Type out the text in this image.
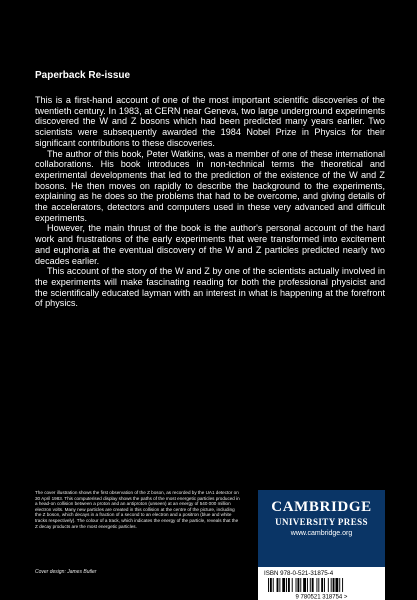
Paperback Re-issue

This is a first-hand account of one of the most important scientific discoveries of the twentieth century. In 1983, at CERN near Geneva, two large underground experiments discovered the W and Z bosons which had been predicted many years earlier. Two scientists were subsequently awarded the 1984 Nobel Prize in Physics for their significant contributions to these discoveries.

The author of this book, Peter Watkins, was a member of one of these international collaborations. His book introduces in non-technical terms the theoretical and experimental developments that led to the prediction of the existence of the W and Z bosons. He then moves on rapidly to describe the background to the experiments, explaining as he does so the problems that had to be overcome, and giving details of the accelerators, detectors and computers used in these very advanced and difficult experiments.

However, the main thrust of the book is the author's personal account of the hard work and frustrations of the early experiments that were transformed into excitement and euphoria at the eventual discovery of the W and Z particles predicted nearly two decades earlier.

This account of the story of the W and Z by one of the scientists actually involved in the experiments will make fascinating reading for both the professional physicist and the scientifically educated layman with an interest in what is happening at the forefront of physics.

The cover illustration shows the first observation of the Z boson, as recorded by the UA1 detector on 30 April 1983. This computerised display shows the paths of the most energetic particles produced in a head-on collision between a proton and an antiproton (unseen) at an energy of 540 000 million electron volts. Many new particles are created in this collision at the centre of the picture, including the Z boson, which decays in a fraction of a second to an electron and a positron (blue and white tracks respectively). The colour of a track, which indicates the energy of the particle, reveals that the Z decay products are the most energetic particles.
Cover design: James Butler
CAMBRIDGE
UNIVERSITY PRESS
www.cambridge.org
ISBN 978-0-521-31875-4
9 780521 318754 >
